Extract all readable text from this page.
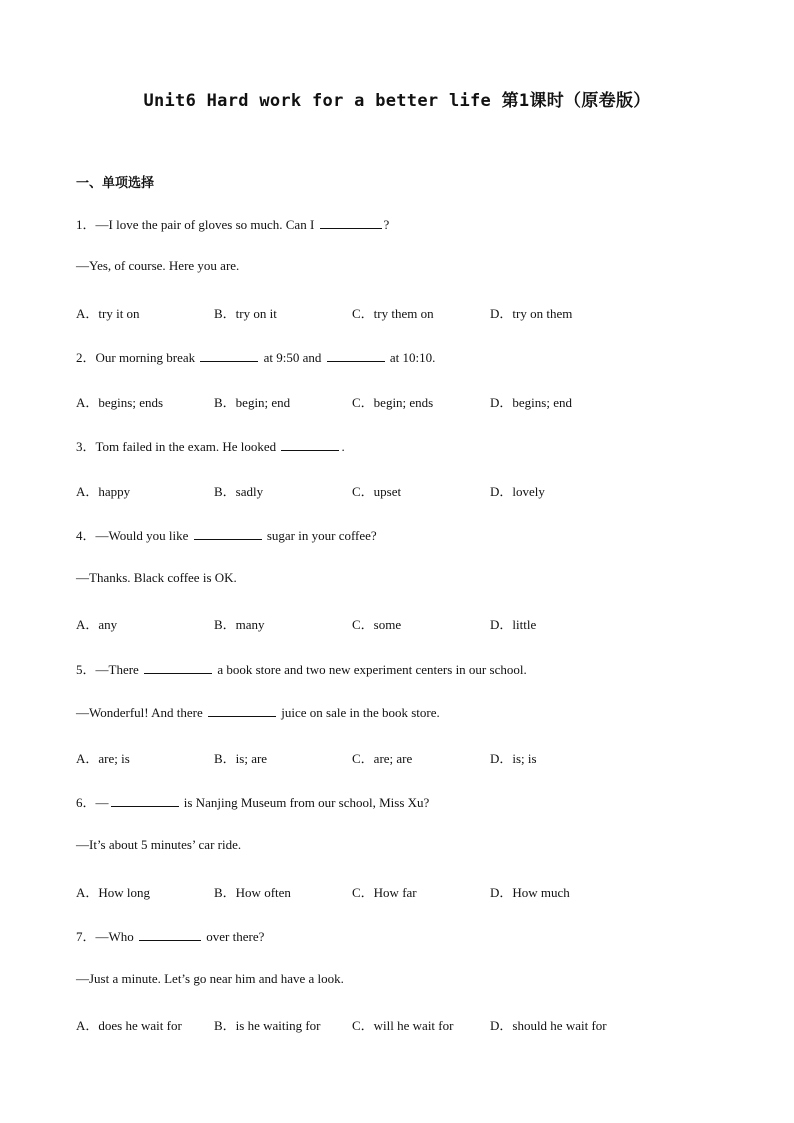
Unit6 Hard work for a better life 第1课时（原卷版）
一、单项选择
1．—I love the pair of gloves so much. Can I	?
—Yes, of course. Here you are.
A．try it on	B．try on it	C．try them on	D．try on them
2．Our morning break	at 9:50 and	at 10:10.
A．begins; ends	B．begin; end	C．begin; ends	D．begins; end
3．Tom failed in the exam. He looked	.
A．happy	B．sadly	C．upset	D．lovely
4．—Would you like	sugar in your coffee?
—Thanks. Black coffee is OK.
A．any	B．many	C．some	D．little
5．—There	a book store and two new experiment centers in our school.
—Wonderful! And there	juice on sale in the book store.
A．are; is	B．is; are	C．are; are	D．is; is
6．—	is Nanjing Museum from our school, Miss Xu?
—It’s about 5 minutes’ car ride.
A．How long	B．How often	C．How far	D．How much
7．—Who	over there?
—Just a minute. Let’s go near him and have a look.
A．does he wait for B．is he waiting for C．will he wait for	D．should he wait for
